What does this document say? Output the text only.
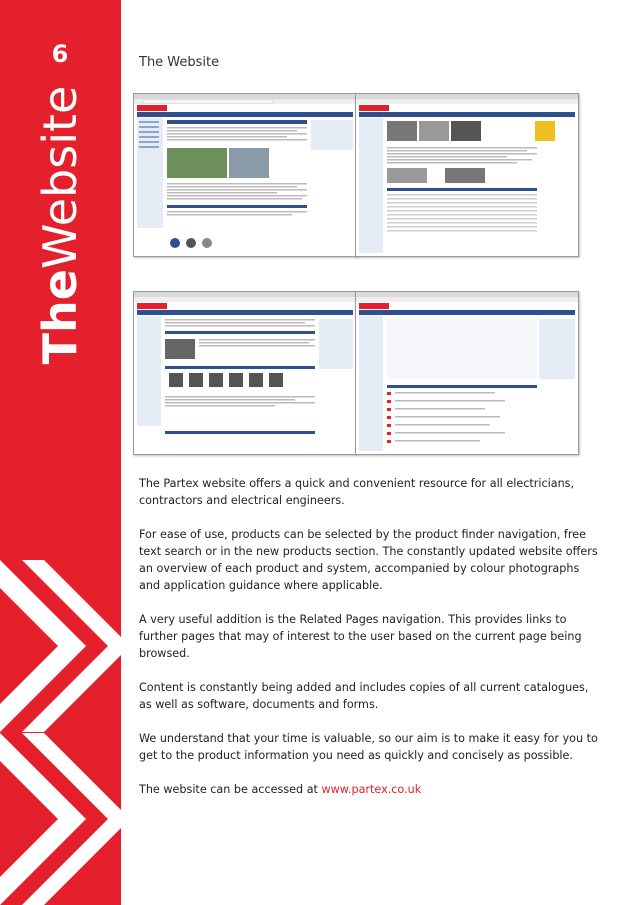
6
TheWebsite
The Website

The Partex website offers a quick and convenient resource for all electricians, contractors and electrical engineers.

For ease of use, products can be selected by the product finder navigation, free text search or in the new products section. The constantly updated website offers an overview of each product and system, accompanied by colour photographs and application guidance where applicable.

A very useful addition is the Related Pages navigation. This provides links to further pages that may of interest to the user based on the current page being browsed.

Content is constantly being added and includes copies of all current catalogues, as well as software, documents and forms.

We understand that your time is valuable, so our aim is to make it easy for you to get to the product information you need as quickly and concisely as possible.

The website can be accessed at www.partex.co.uk
